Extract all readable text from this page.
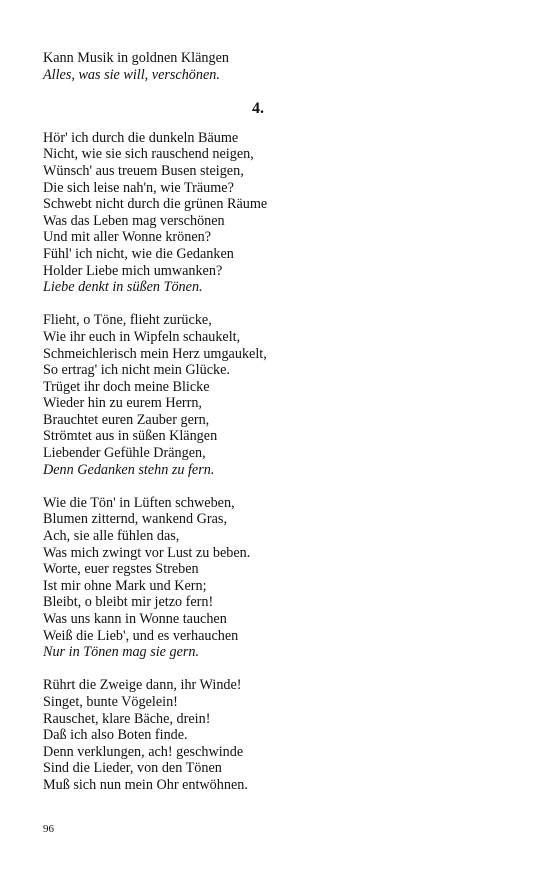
Kann Musik in goldnen Klängen
Alles, was sie will, verschönen.
4.
Hör' ich durch die dunkeln Bäume
Nicht, wie sie sich rauschend neigen,
Wünsch' aus treuem Busen steigen,
Die sich leise nah'n, wie Träume?
Schwebt nicht durch die grünen Räume
Was das Leben mag verschönen
Und mit aller Wonne krönen?
Fühl' ich nicht, wie die Gedanken
Holder Liebe mich umwanken?
Liebe denkt in süßen Tönen.
Flieht, o Töne, flieht zurücke,
Wie ihr euch in Wipfeln schaukelt,
Schmeichlerisch mein Herz umgaukelt,
So ertrag' ich nicht mein Glücke.
Trüget ihr doch meine Blicke
Wieder hin zu eurem Herrn,
Brauchtet euren Zauber gern,
Strömtet aus in süßen Klängen
Liebender Gefühle Drängen,
Denn Gedanken stehn zu fern.
Wie die Tön' in Lüften schweben,
Blumen zitternd, wankend Gras,
Ach, sie alle fühlen das,
Was mich zwingt vor Lust zu beben.
Worte, euer regstes Streben
Ist mir ohne Mark und Kern;
Bleibt, o bleibt mir jetzo fern!
Was uns kann in Wonne tauchen
Weiß die Lieb', und es verhauchen
Nur in Tönen mag sie gern.
Rührt die Zweige dann, ihr Winde!
Singet, bunte Vögelein!
Rauschet, klare Bäche, drein!
Daß ich also Boten finde.
Denn verklungen, ach! geschwinde
Sind die Lieder, von den Tönen
Muß sich nun mein Ohr entwöhnen.
96
